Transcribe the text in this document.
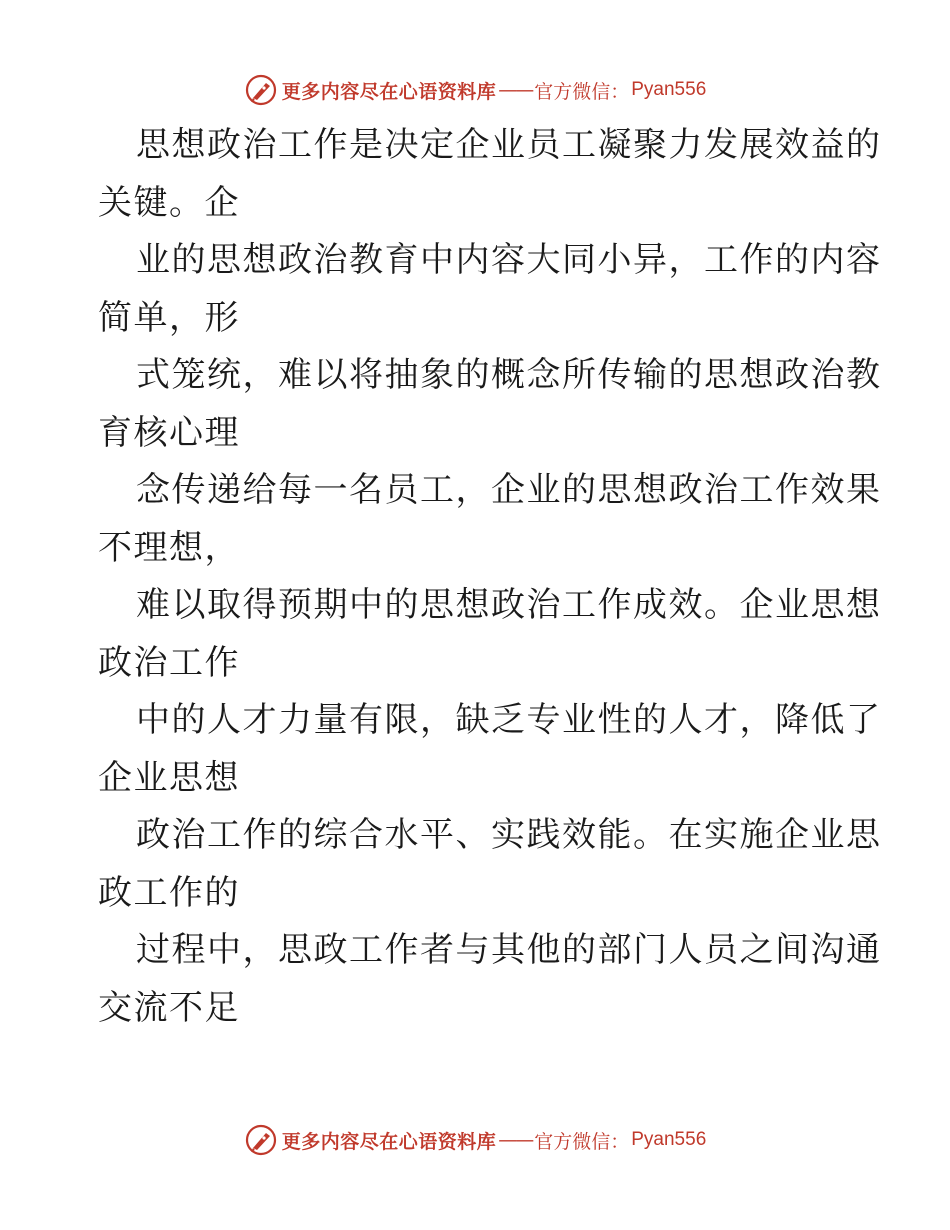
更多内容尽在心语资料库 —— 官方微信： Pyan556
思想政治工作是决定企业员工凝聚力发展效益的
关键。企
业的思想政治教育中内容大同小异，工作的内容
简单，形
式笼统，难以将抽象的概念所传输的思想政治教
育核心理
念传递给每一名员工，企业的思想政治工作效果
不理想，
难以取得预期中的思想政治工作成效。企业思想
政治工作
中的人才力量有限，缺乏专业性的人才，降低了
企业思想
政治工作的综合水平、实践效能。在实施企业思
政工作的
过程中，思政工作者与其他的部门人员之间沟通
交流不足
更多内容尽在心语资料库 —— 官方微信： Pyan556
